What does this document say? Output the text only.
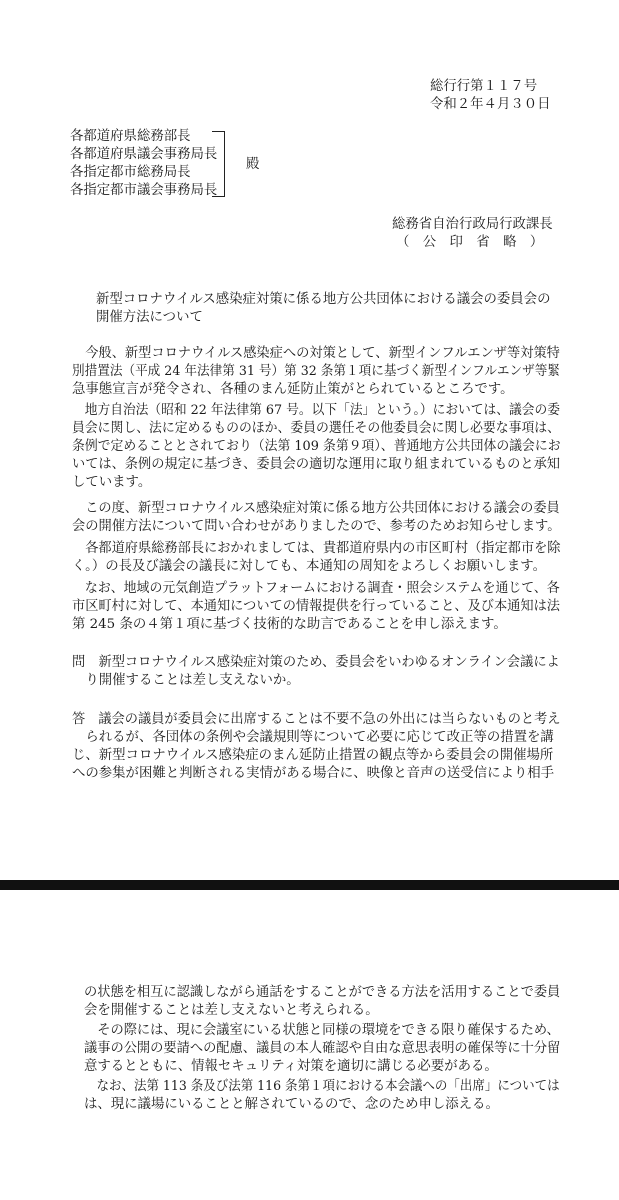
総行行第１１７号
令和２年４月３０日
各都道府県総務部長
各都道府県議会事務局長
各指定都市総務局長
各指定都市議会事務局長
殿
総務省自治行政局行政課長
（　公　印　省　略　）
新型コロナウイルス感染症対策に係る地方公共団体における議会の委員会の
開催方法について
　今般、新型コロナウイルス感染症への対策として、新型インフルエンザ等対策特
別措置法（平成 24 年法律第 31 号）第 32 条第１項に基づく新型インフルエンザ等緊
急事態宣言が発令され、各種のまん延防止策がとられているところです。
　地方自治法（昭和 22 年法律第 67 号。以下「法」という。）においては、議会の委
員会に関し、法に定めるもののほか、委員の選任その他委員会に関し必要な事項は、
条例で定めることとされており（法第 109 条第９項）、普通地方公共団体の議会にお
いては、条例の規定に基づき、委員会の適切な運用に取り組まれているものと承知
しています。
　この度、新型コロナウイルス感染症対策に係る地方公共団体における議会の委員
会の開催方法について問い合わせがありましたので、参考のためお知らせします。
　各都道府県総務部長におかれましては、貴都道府県内の市区町村（指定都市を除
く。）の長及び議会の議長に対しても、本通知の周知をよろしくお願いします。
　なお、地域の元気創造プラットフォームにおける調査・照会システムを通じて、各
市区町村に対して、本通知についての情報提供を行っていること、及び本通知は法
第 245 条の４第１項に基づく技術的な助言であることを申し添えます。
問　新型コロナウイルス感染症対策のため、委員会をいわゆるオンライン会議によ
　り開催することは差し支えないか。
答　議会の議員が委員会に出席することは不要不急の外出には当らないものと考え
　られるが、各団体の条例や会議規則等について必要に応じて改正等の措置を講
じ、新型コロナウイルス感染症のまん延防止措置の観点等から委員会の開催場所
への参集が困難と判断される実情がある場合に、映像と音声の送受信により相手
の状態を相互に認識しながら通話をすることができる方法を活用することで委員
会を開催することは差し支えないと考えられる。
　その際には、現に会議室にいる状態と同様の環境をできる限り確保するため、
議事の公開の要請への配慮、議員の本人確認や自由な意思表明の確保等に十分留
意するとともに、情報セキュリティ対策を適切に講じる必要がある。
　なお、法第 113 条及び法第 116 条第１項における本会議への「出席」については
は、現に議場にいることと解されているので、念のため申し添える。
